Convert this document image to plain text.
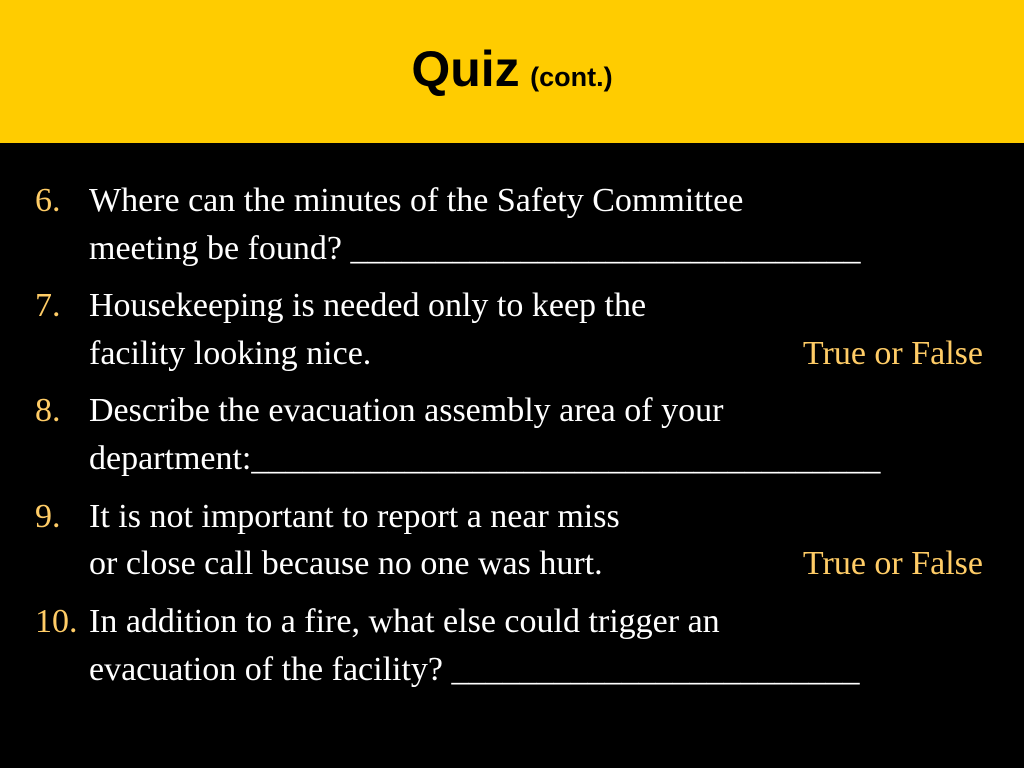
Quiz (cont.)
6. Where can the minutes of the Safety Committee
meeting be found? ______________________________
7. Housekeeping is needed only to keep the
facility looking nice.	True or False
8. Describe the evacuation assembly area of your
department:_____________________________________
9. It is not important to report a near miss
or close call because no one was hurt.	True or False
10. In addition to a fire, what else could trigger an
evacuation of the facility? ________________________
